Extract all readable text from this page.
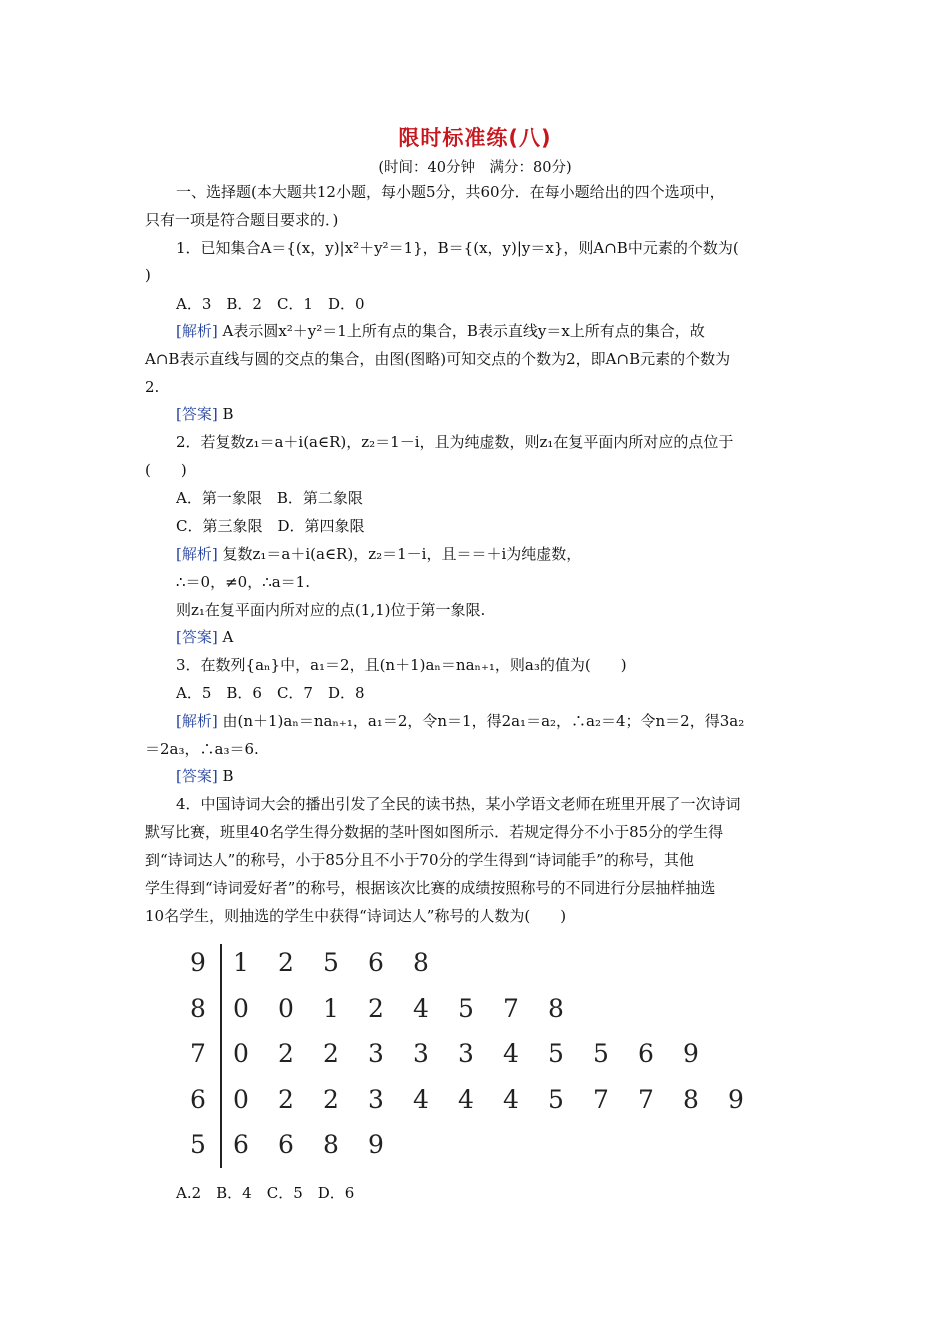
限时标准练(八)
(时间：40分钟　满分：80分)
一、选择题(本大题共12小题，每小题5分，共60分．在每小题给出的四个选项中，
只有一项是符合题目要求的．)
1．已知集合A＝{(x，y)|x²＋y²＝1}，B＝{(x，y)|y＝x}，则A∩B中元素的个数为(
)
A．3　B．2　C．1　D．0
[解析] A表示圆x²＋y²＝1上所有点的集合，B表示直线y＝x上所有点的集合，故
A∩B表示直线与圆的交点的集合，由图(图略)可知交点的个数为2，即A∩B元素的个数为
2.
[答案] B
2．若复数z₁＝a＋i(a∈R)，z₂＝1－i，且为纯虚数，则z₁在复平面内所对应的点位于
(　　)
A．第一象限　B．第二象限
C．第三象限　D．第四象限
[解析] 复数z₁＝a＋i(a∈R)，z₂＝1－i，且＝＝＋i为纯虚数，
∴＝0，≠0，∴a＝1.
则z₁在复平面内所对应的点(1,1)位于第一象限.
[答案] A
3．在数列{aₙ}中，a₁＝2，且(n＋1)aₙ＝naₙ₊₁，则a₃的值为(　　)
A．5　B．6　C．7　D．8
[解析] 由(n＋1)aₙ＝naₙ₊₁，a₁＝2，令n＝1，得2a₁＝a₂，∴a₂＝4；令n＝2，得3a₂
＝2a₃，∴a₃＝6.
[答案] B
4．中国诗词大会的播出引发了全民的读书热，某小学语文老师在班里开展了一次诗词
默写比赛，班里40名学生得分数据的茎叶图如图所示．若规定得分不小于85分的学生得
到“诗词达人”的称号，小于85分且不小于70分的学生得到“诗词能手”的称号，其他
学生得到“诗词爱好者”的称号，根据该次比赛的成绩按照称号的不同进行分层抽样抽选
10名学生，则抽选的学生中获得“诗词达人”称号的人数为(　　)
9	1 2 5 6 8
8	0 0 1 2 4 5 7 8
7	0 2 2 3 3 3 4 5 5 6 9
6	0 2 2 3 4 4 4 5 7 7 8 9
5	6 6 8 9
A.2　B．4　C．5　D．6
